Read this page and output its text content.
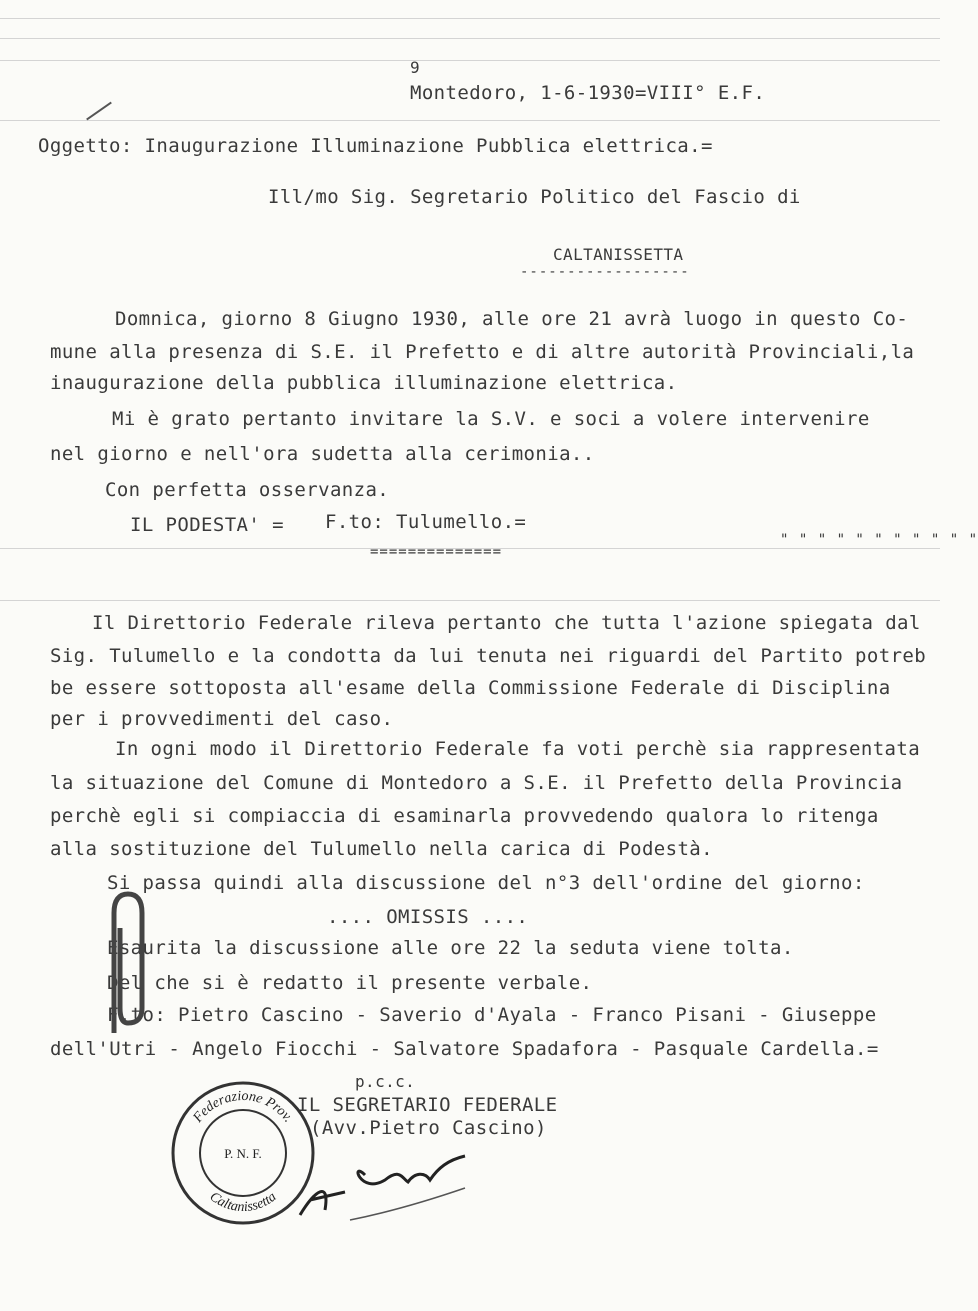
9
Montedoro, 1-6-1930=VIII° E.F.
Oggetto: Inaugurazione Illuminazione Pubblica elettrica.=
Ill/mo Sig. Segretario Politico del Fascio di
CALTANISSETTA
------------------
Domnica, giorno 8 Giugno 1930, alle ore 21 avrà luogo in questo Co-
mune alla presenza di S.E. il Prefetto e di altre autorità Provinciali,la
inaugurazione della pubblica illuminazione elettrica.
Mi è grato pertanto invitare la S.V. e soci a volere intervenire
nel giorno e nell'ora sudetta alla cerimonia..
Con perfetta osservanza.
IL PODESTA' = F.to: Tulumello.=
" " " " " " " " " " "
==============
Il Direttorio Federale rileva pertanto che tutta l'azione spiegata dal
Sig. Tulumello e la condotta da lui tenuta nei riguardi del Partito potreb
be essere sottoposta all'esame della Commissione Federale di Disciplina
per i provvedimenti del caso.
In ogni modo il Direttorio Federale fa voti perchè sia rappresentata
la situazione del Comune di Montedoro a S.E. il Prefetto della Provincia
perchè egli si compiaccia di esaminarla provvedendo qualora lo ritenga
alla sostituzione del Tulumello nella carica di Podestà.
Si passa quindi alla discussione del n°3 dell'ordine del giorno:
.... OMISSIS ....
Esaurita la discussione alle ore 22 la seduta viene tolta.
Del che si è redatto il presente verbale.
F.to: Pietro Cascino - Saverio d'Ayala - Franco Pisani - Giuseppe
dell'Utri - Angelo Fiocchi - Salvatore Spadafora - Pasquale Cardella.=
p.c.c.
IL SEGRETARIO FEDERALE
(Avv.Pietro Cascino)
Federazione Prov.
Caltanissetta
P. N. F.
